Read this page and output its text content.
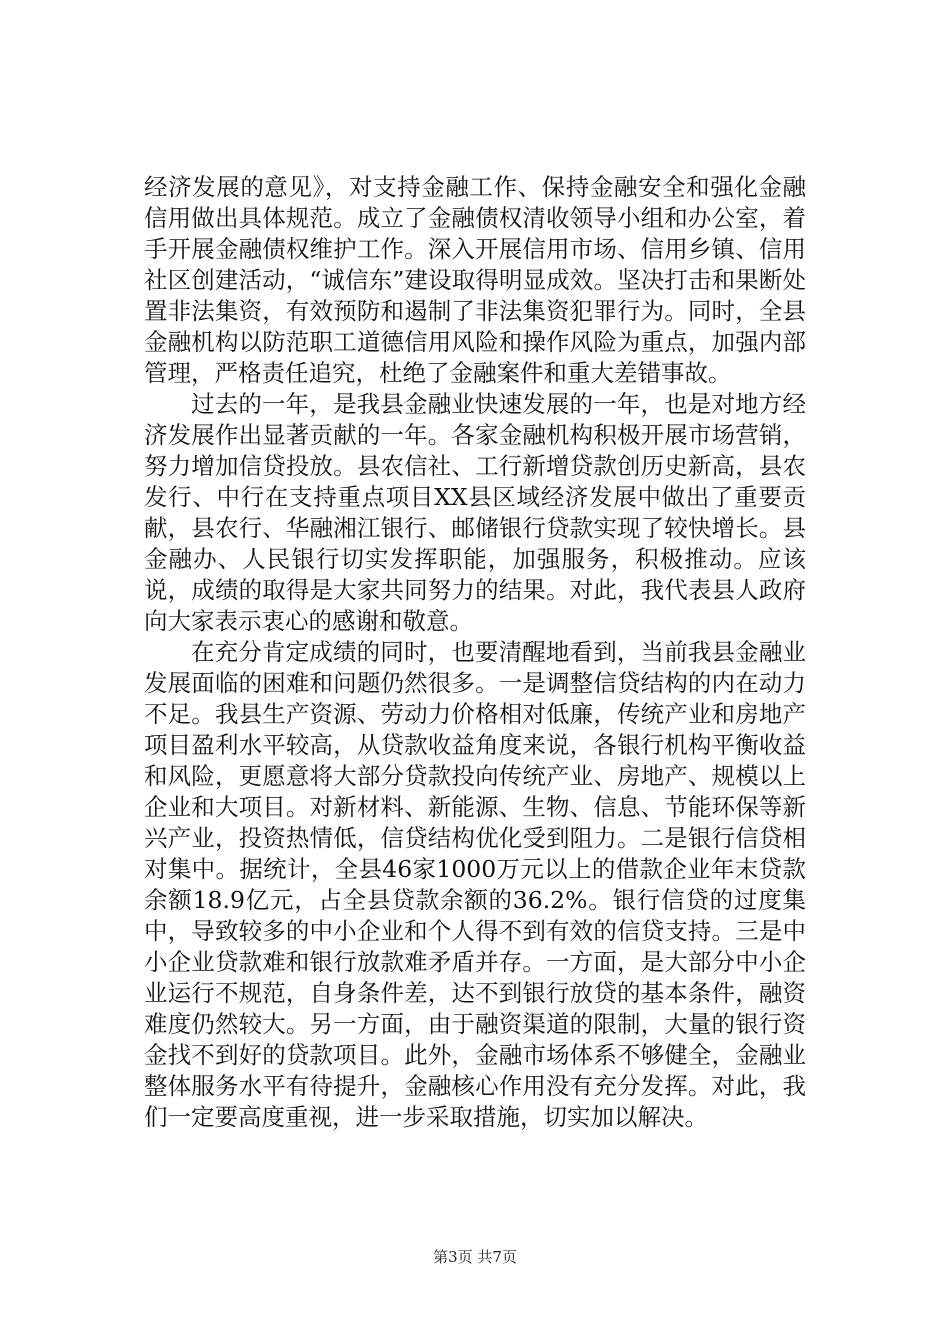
经济发展的意见》，对支持金融工作、保持金融安全和强化金融信用做出具体规范。成立了金融债权清收领导小组和办公室，着手开展金融债权维护工作。深入开展信用市场、信用乡镇、信用社区创建活动，“诚信东”建设取得明显成效。坚决打击和果断处置非法集资，有效预防和遏制了非法集资犯罪行为。同时，全县金融机构以防范职工道德信用风险和操作风险为重点，加强内部管理，严格责任追究，杜绝了金融案件和重大差错事故。

过去的一年，是我县金融业快速发展的一年，也是对地方经济发展作出显著贡献的一年。各家金融机构积极开展市场营销，努力增加信贷投放。县农信社、工行新增贷款创历史新高，县农发行、中行在支持重点项目XX县区域经济发展中做出了重要贡献，县农行、华融湘江银行、邮储银行贷款实现了较快增长。县金融办、人民银行切实发挥职能，加强服务，积极推动。应该说，成绩的取得是大家共同努力的结果。对此，我代表县人政府向大家表示衷心的感谢和敬意。

在充分肯定成绩的同时，也要清醒地看到，当前我县金融业发展面临的困难和问题仍然很多。一是调整信贷结构的内在动力不足。我县生产资源、劳动力价格相对低廉，传统产业和房地产项目盈利水平较高，从贷款收益角度来说，各银行机构平衡收益和风险，更愿意将大部分贷款投向传统产业、房地产、规模以上企业和大项目。对新材料、新能源、生物、信息、节能环保等新兴产业，投资热情低，信贷结构优化受到阻力。二是银行信贷相对集中。据统计，全县46家1000万元以上的借款企业年末贷款余额18.9亿元，占全县贷款余额的36.2%。银行信贷的过度集中，导致较多的中小企业和个人得不到有效的信贷支持。三是中小企业贷款难和银行放款难矛盾并存。一方面，是大部分中小企业运行不规范，自身条件差，达不到银行放贷的基本条件，融资难度仍然较大。另一方面，由于融资渠道的限制，大量的银行资金找不到好的贷款项目。此外，金融市场体系不够健全，金融业整体服务水平有待提升，金融核心作用没有充分发挥。对此，我们一定要高度重视，进一步采取措施，切实加以解决。

第3页 共7页
